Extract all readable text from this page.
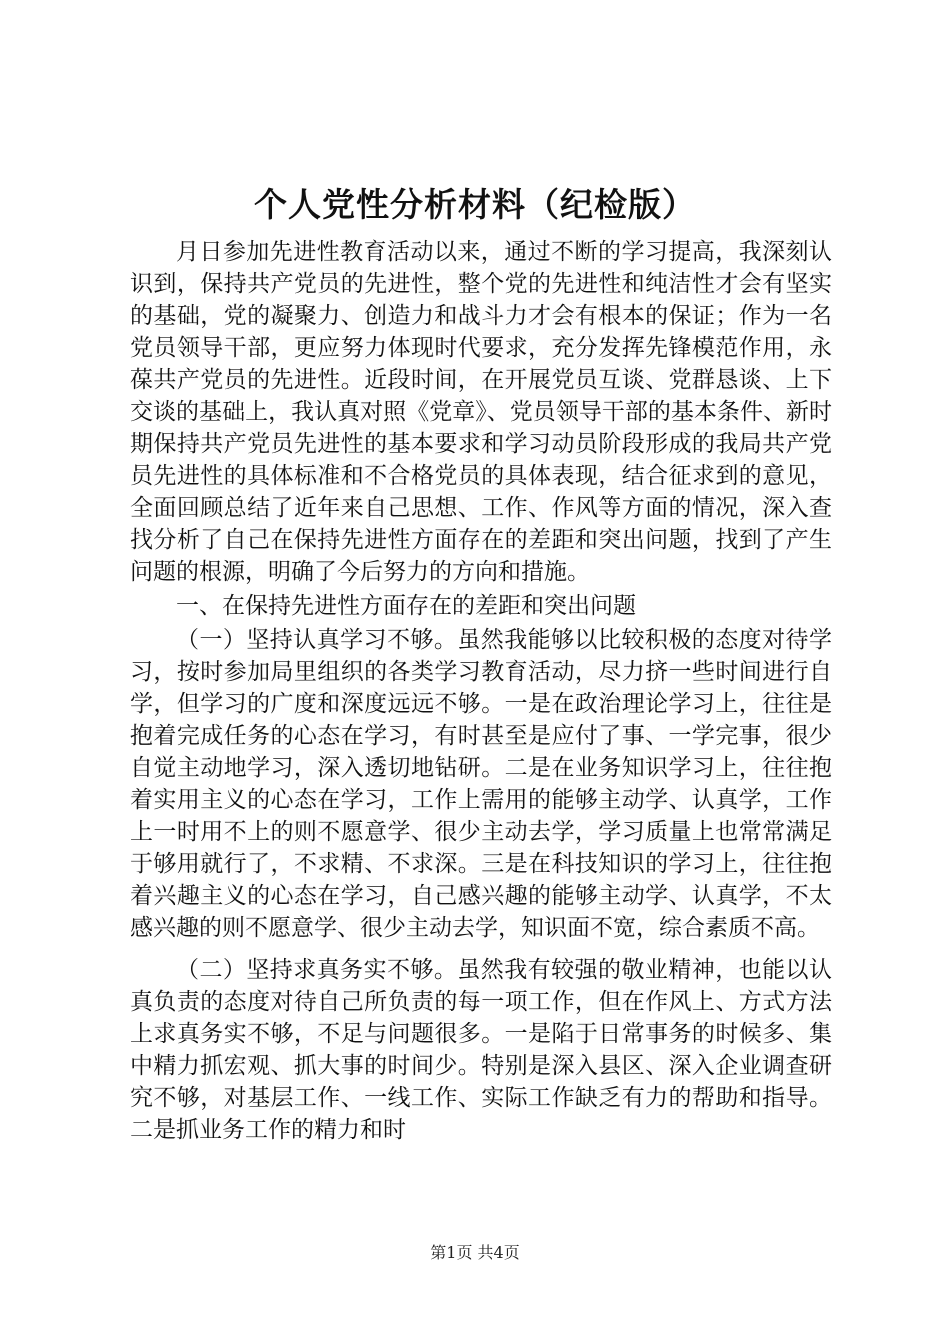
个人党性分析材料（纪检版）

月日参加先进性教育活动以来，通过不断的学习提高，我深刻认识到，保持共产党员的先进性，整个党的先进性和纯洁性才会有坚实的基础，党的凝聚力、创造力和战斗力才会有根本的保证；作为一名党员领导干部，更应努力体现时代要求，充分发挥先锋模范作用，永葆共产党员的先进性。近段时间，在开展党员互谈、党群恳谈、上下交谈的基础上，我认真对照《党章》、党员领导干部的基本条件、新时期保持共产党员先进性的基本要求和学习动员阶段形成的我局共产党员先进性的具体标准和不合格党员的具体表现，结合征求到的意见，全面回顾总结了近年来自己思想、工作、作风等方面的情况，深入查找分析了自己在保持先进性方面存在的差距和突出问题，找到了产生问题的根源，明确了今后努力的方向和措施。

一、在保持先进性方面存在的差距和突出问题

（一）坚持认真学习不够。虽然我能够以比较积极的态度对待学习，按时参加局里组织的各类学习教育活动，尽力挤一些时间进行自学，但学习的广度和深度远远不够。一是在政治理论学习上，往往是抱着完成任务的心态在学习，有时甚至是应付了事、一学完事，很少自觉主动地学习，深入透切地钻研。二是在业务知识学习上，往往抱着实用主义的心态在学习，工作上需用的能够主动学、认真学，工作上一时用不上的则不愿意学、很少主动去学，学习质量上也常常满足于够用就行了，不求精、不求深。三是在科技知识的学习上，往往抱着兴趣主义的心态在学习，自己感兴趣的能够主动学、认真学，不太感兴趣的则不愿意学、很少主动去学，知识面不宽，综合素质不高。

（二）坚持求真务实不够。虽然我有较强的敬业精神，也能以认真负责的态度对待自己所负责的每一项工作，但在作风上、方式方法上求真务实不够，不足与问题很多。一是陷于日常事务的时候多、集中精力抓宏观、抓大事的时间少。特别是深入县区、深入企业调查研究不够，对基层工作、一线工作、实际工作缺乏有力的帮助和指导。二是抓业务工作的精力和时

第1页 共4页
